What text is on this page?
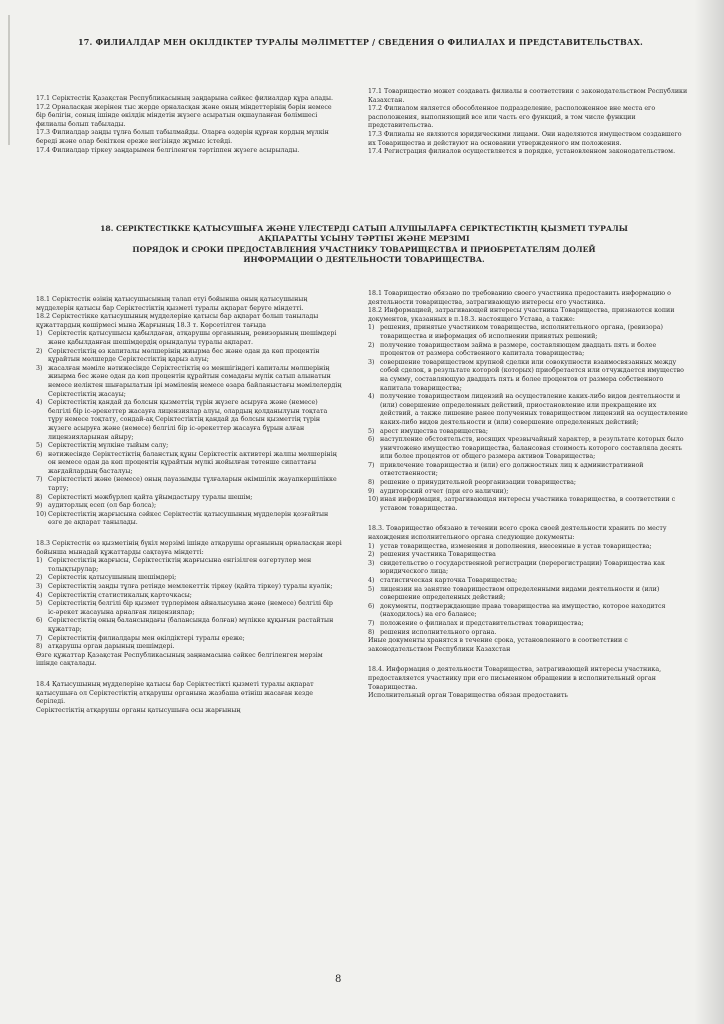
17. ФИЛИАЛДАР МЕН ОКІЛДІКТЕР ТУРАЛЫ МӘЛІМЕТТЕР / СВЕДЕНИЯ О ФИЛИАЛАХ И ПРЕДСТАВИТЕЛЬСТВАХ.

17.1 Серіктестік Қазақстан Республикасының заңдарына сәйкес филиалдар құра алады.

17.2 Орналасқан жерінен тыс жерде орналасқан және оның міндеттерінің бәрін немесе бір бөлігін, соның ішінде өкілдік міндетін жүзеге асыратын оқшауланған бөлімшесі филиалы болып табылады.

17.3 Филиалдар заңды тұлға болып табылмайды. Оларға өздерін құрған кордың мүлкін береді және олар бекіткен ереже негізінде жұмыс істейді.

17.4 Филиалдар тіркеу заңдарымен белгіленген тәртіппен жүзеге асырылады.

17.1 Товарищество может создавать филиалы в соответствии с законодательством Республики Казахстан.

17.2 Филиалом является обособленное подразделение, расположенное вне места его расположения, выполняющий все или часть его функций, в том числе функции представительства.

17.3 Филиалы не являются юридическими лицами. Они наделяются имуществом создавшего их Товарищества и действуют на основании утвержденного им положения.

17.4 Регистрация филиалов осуществляется в порядке, установленном законодательством.

18. СЕРІКТЕСТІККЕ ҚАТЫСУШЫҒА ЖӘНЕ ҮЛЕСТЕРДІ САТЫП АЛУШЫЛАРҒА СЕРІКТЕСТІКТІҢ ҚЫЗМЕТІ ТУРАЛЫ

АҚПАРАТТЫ ҰСЫНУ ТӘРТІБІ ЖӘНЕ МЕРЗІМІ

ПОРЯДОК И СРОКИ ПРЕДОСТАВЛЕНИЯ УЧАСТНИКУ ТОВАРИЩЕСТВА И ПРИОБРЕТАТЕЛЯМ ДОЛЕЙ

ИНФОРМАЦИИ О ДЕЯТЕЛЬНОСТИ ТОВАРИЩЕСТВА.

18.1 Серіктестік өзінің қатысушысының талап етуі бойынша оның қатысушының мүдделерін қатысы бар Серіктестіктің қызметі туралы ақпарат беруге міндетті.

18.2 Серіктестікке қатысушының мүдделеріне қатысы бар ақпарат болып танылады құжаттардың көшірмесі мына Жарғының 18.3 т. Көрсетілген тағыда

1) Серіктестік қатысушысы қабылдаған, атқарушы органының, ревизорының шешімдері және қабылданған шешімдердің орындалуы туралы ақпарат.
2) Серіктестіктің өз капиталы мөлшерінің жиырма бес және одан да көп процентін құрайтын мөлшерде Серіктестіктің қарыз алуы;
3) жасалған мәміле нәтижесінде Серіктестіктің өз меншігіндегі капиталы мөлшерінің жиырма бес және одан да көп процентін құрайтын сомадағы мүлік сатып алынатын немесе иеліктен шығарылатын ірі мәміленің немесе өзара байланыстағы мәмілелердің Серіктестіктің жасауы;
4) Серіктестіктің қандай да болсын қызметтің түрін жүзеге асыруға және (немесе) белгілі бір іс-әрекеттер жасауға лицензиялар алуы, олардың қолданылуын тоқтата тұру немесе тоқтату, сондай-ақ Серіктестіктің қандай да болсын қызметтің түрін жүзеге асыруға және (немесе) белгілі бір іс-әрекеттер жасауға бұрын алған лицензияларынан айыру;
5) Серіктестіктің мүлкіне тыйым салу;
6) нәтижесінде Серіктестіктің баланстық құны Серіктестік активтері жалпы мөлшерінің он немесе одан да көп процентін құрайтын мүлкі жойылған төтенше сипаттағы жағдайлардың басталуы;
7) Серіктестікті және (немесе) оның лауазымды тұлғаларын әкімшілік жауапкершілікке тарту;
8) Серіктестікті мәжбүрлеп қайта ұйымдастыру туралы шешім;
9) аудиторлық есеп (ол бар болса);
10) Серіктестіктің жарғысына сәйкес Серіктестік қатысушының мүдделерін қозғайтын өзге де ақпарат танылады.

18.3 Серіктестік өз қызметінің бүкіл мерзімі ішінде атқарушы органының орналасқан жері бойынша мынадай құжаттарды сақтауға міндетті:

1) Серіктестіктің жарғысы, Серіктестіктің жарғысына енгізілген өзгертулер мен толықтырулар;
2) Серіктестік қатысушының шешімдері;
3) Серіктестіктің заңды тұлға ретінде мемлекеттік тіркеу (қайта тіркеу) туралы куәлік;
4) Серіктестіктің статистикалық карточкасы;
5) Серіктестіктің белгілі бір қызмет түрлерімен айналысуына және (немесе) белгілі бір іс-әрекет жасауына арналған лицензиялар;
6) Серіктестіктің оның балансындағы (балансында болған) мүлікке құқығын растайтын құжаттар;
7) Серіктестіктің филиалдары мен өкілдіктері туралы ереже;
8) атқарушы орган дарының шешімдері.

Өзге құжаттар Қазақстан Республикасының заңнамасына сәйкес белгіленген мерзім ішінде сақталады.

18.4 Қатысушының мүдделеріне қатысы бар Серіктестікті қызметі туралы ақпарат қатысушыға ол Серіктестіктің атқарушы органына жазбаша өтініш жасаған кезде беріледі.

Серіктестіктің атқарушы органы қатысушыға осы жарғының

18.1 Товарищество обязано по требованию своего участника предоставить информацию о деятельности товарищества, затрагивающую интересы его участника.

18.2 Информацией, затрагивающей интересы участника Товарищества, признаются копии документов, указанных в п.18.3. настоящего Устава, а также:

1) решения, принятые участником товарищества, исполнительного органа, (ревизора) товарищества и информация об исполнении принятых решений;
2) получение товариществом займа в размере, составляющем двадцать пять и более процентов от размера собственного капитала товарищества;
3) совершение товариществом крупной сделки или совокупности взаимосвязанных между собой сделок, в результате которой (которых) приобретается или отчуждается имущество на сумму, составляющую двадцать пять и более процентов от размера собственного капитала товарищества;
4) получение товариществом лицензий на осуществление каких-либо видов деятельности и (или) совершение определенных действий, приостановление или прекращение их действий, а также лишение ранее полученных товариществом лицензий на осуществление каких-либо видов деятельности и (или) совершение определенных действий;
5) арест имущества товарищества;
6) наступление обстоятельств, носящих чрезвычайный характер, в результате которых было уничтожено имущество товарищества, балансовая стоимость которого составляла десять или более процентов от общего размера активов Товарищества;
7) привлечение товарищества и (или) его должностных лиц к административной ответственности;
8) решение о принудительной реорганизации товарищества;
9) аудиторский отчет (при его наличии);
10) иная информация, затрагивающая интересы участника товарищества, в соответствии с уставом товарищества.

18.3. Товарищество обязано в течении всего срока своей деятельности хранить по месту нахождения исполнительного органа следующие документы:

1) устав товарищества, изменения и дополнения, внесенные в устав товарищества;
2) решения участника Товарищества
3) свидетельство о государственной регистрации (перерегистрации) Товарищества как юридического лица;
4) статистическая карточка Товарищества;
5) лицензии на занятие товариществом определенными видами деятельности и (или) совершение определенных действий;
6) документы, подтверждающие права товарищества на имущество, которое находится (находилось) на его балансе;
7) положение о филиалах и представительствах товарищества;
8) решения исполнительного органа.

Иные документы хранятся в течение срока, установленного в соответствии с законодательством Республики Казахстан

18.4. Информация о деятельности Товарищества, затрагивающей интересы участника, предоставляется участнику при его письменном обращении в исполнительный орган Товарищества.

Исполнительный орган Товарищества обязан предоставить

8
